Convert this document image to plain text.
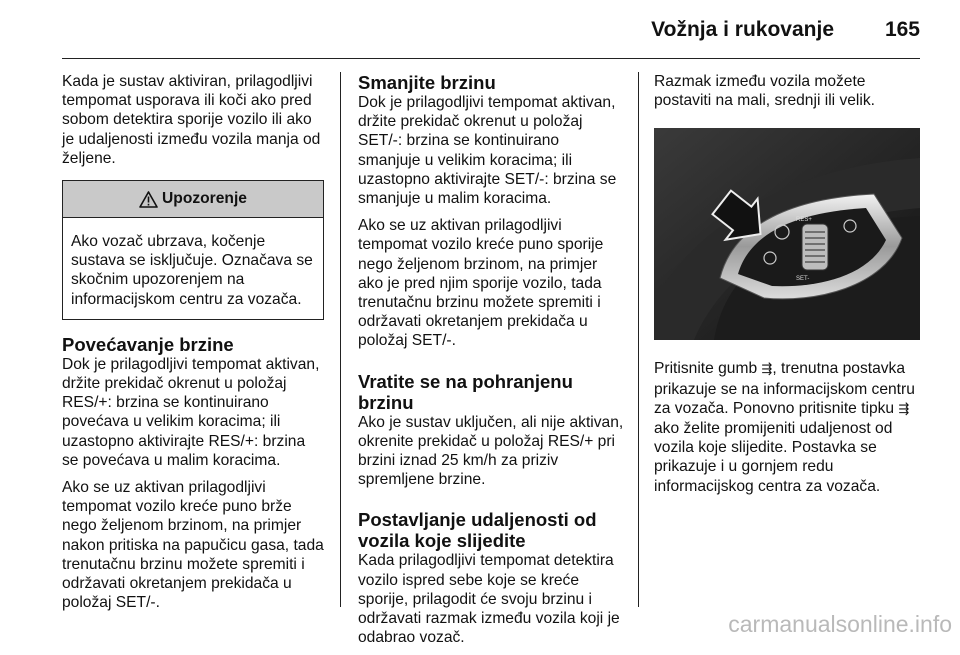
Vožnja i rukovanje 165

Kada je sustav aktiviran, prilagodljivi tempomat usporava ili koči ako pred sobom detektira sporije vozilo ili ako je udaljenosti između vozila manja od željene.

Upozorenje

Ako vozač ubrzava, kočenje sustava se isključuje. Označava se skočnim upozorenjem na informacijskom centru za vozača.

Povećavanje brzine

Dok je prilagodljivi tempomat aktivan, držite prekidač okrenut u položaj RES/+: brzina se kontinuirano povećava u velikim koracima; ili uzastopno aktivirajte RES/+: brzina se povećava u malim koracima.

Ako se uz aktivan prilagodljivi tempomat vozilo kreće puno brže nego željenom brzinom, na primjer nakon pritiska na papučicu gasa, tada trenutačnu brzinu možete spremiti i održavati okretanjem prekidača u položaj SET/-.

Smanjite brzinu

Dok je prilagodljivi tempomat aktivan, držite prekidač okrenut u položaj SET/-: brzina se kontinuirano smanjuje u velikim koracima; ili uzastopno aktivirajte SET/-: brzina se smanjuje u malim koracima.

Ako se uz aktivan prilagodljivi tempomat vozilo kreće puno sporije nego željenom brzinom, na primjer ako je pred njim sporije vozilo, tada trenutačnu brzinu možete spremiti i održavati okretanjem prekidača u položaj SET/-.

Vratite se na pohranjenu brzinu

Ako je sustav uključen, ali nije aktivan, okrenite prekidač u položaj RES/+ pri brzini iznad 25 km/h za priziv spremljene brzine.

Postavljanje udaljenosti od vozila koje slijedite

Kada prilagodljivi tempomat detektira vozilo ispred sebe koje se kreće sporije, prilagodit će svoju brzinu i održavati razmak između vozila koji je odabrao vozač.

Razmak između vozila možete postaviti na mali, srednji ili velik.

RES+
SET-

Pritisnite gumb ⇶, trenutna postavka prikazuje se na informacijskom centru za vozača. Ponovno pritisnite tipku ⇶ ako želite promijeniti udaljenost od vozila koje slijedite. Postavka se prikazuje i u gornjem redu informacijskog centra za vozača.

carmanualsonline.info
